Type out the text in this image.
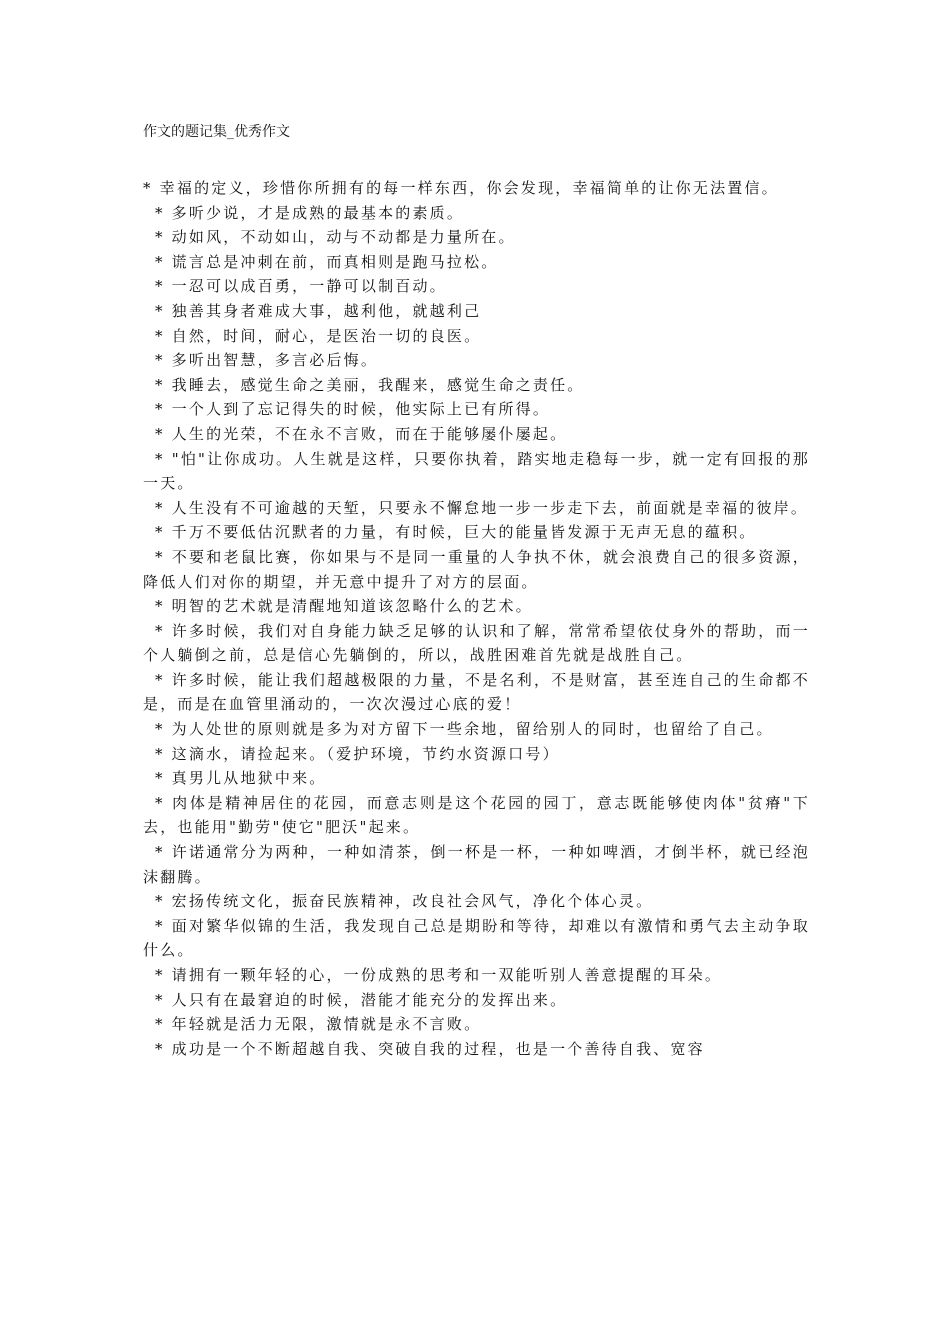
作文的题记集_优秀作文

* 幸福的定义，珍惜你所拥有的每一样东西，你会发现，幸福简单的让你无法置信。

* 多听少说，才是成熟的最基本的素质。

* 动如风，不动如山，动与不动都是力量所在。

* 谎言总是冲刺在前，而真相则是跑马拉松。

* 一忍可以成百勇，一静可以制百动。

* 独善其身者难成大事，越利他，就越利己

* 自然，时间，耐心，是医治一切的良医。

* 多听出智慧，多言必后悔。

* 我睡去，感觉生命之美丽，我醒来，感觉生命之责任。

* 一个人到了忘记得失的时候，他实际上已有所得。

* 人生的光荣，不在永不言败，而在于能够屡仆屡起。

* "怕"让你成功。人生就是这样，只要你执着，踏实地走稳每一步，就一定有回报的那一天。

* 人生没有不可逾越的天堑，只要永不懈怠地一步一步走下去，前面就是幸福的彼岸。

* 千万不要低估沉默者的力量，有时候，巨大的能量皆发源于无声无息的蕴积。

* 不要和老鼠比赛，你如果与不是同一重量的人争执不休，就会浪费自己的很多资源，降低人们对你的期望，并无意中提升了对方的层面。

* 明智的艺术就是清醒地知道该忽略什么的艺术。

* 许多时候，我们对自身能力缺乏足够的认识和了解，常常希望依仗身外的帮助，而一个人躺倒之前，总是信心先躺倒的，所以，战胜困难首先就是战胜自己。

* 许多时候，能让我们超越极限的力量，不是名利，不是财富，甚至连自己的生命都不是，而是在血管里涌动的，一次次漫过心底的爱！

* 为人处世的原则就是多为对方留下一些余地，留给别人的同时，也留给了自己。

* 这滴水，请捡起来。（爱护环境，节约水资源口号）

* 真男儿从地狱中来。

* 肉体是精神居住的花园，而意志则是这个花园的园丁，意志既能够使肉体"贫瘠"下去，也能用"勤劳"使它"肥沃"起来。

* 许诺通常分为两种，一种如清茶，倒一杯是一杯，一种如啤酒，才倒半杯，就已经泡沫翻腾。

* 宏扬传统文化，振奋民族精神，改良社会风气，净化个体心灵。

* 面对繁华似锦的生活，我发现自己总是期盼和等待，却难以有激情和勇气去主动争取什么。

* 请拥有一颗年轻的心，一份成熟的思考和一双能听别人善意提醒的耳朵。

* 人只有在最窘迫的时候，潜能才能充分的发挥出来。

* 年轻就是活力无限，激情就是永不言败。

* 成功是一个不断超越自我、突破自我的过程，也是一个善待自我、宽容
